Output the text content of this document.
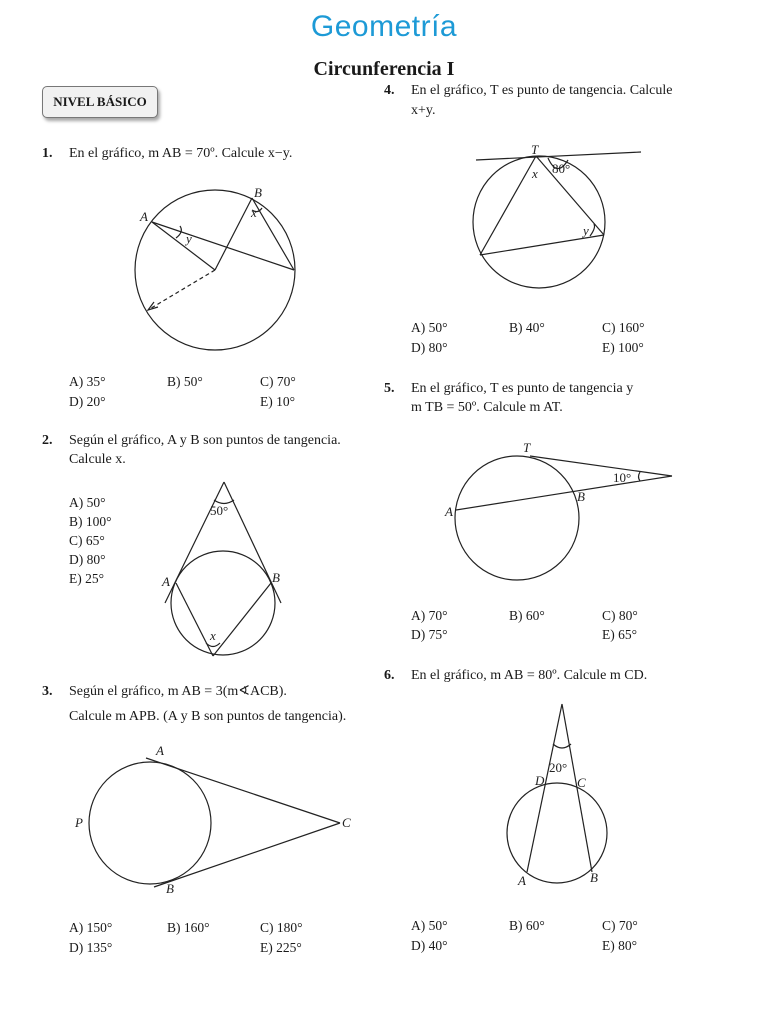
Geometría
Circunferencia I
NIVEL BÁSICO
1. En el gráfico, m AB = 70º. Calcule x−y.
A) 35°	B) 50°	C) 70°
D) 20°	E) 10°
2. Según el gráfico, A y B son puntos de tangencia.
Calcule x.
A) 50°
B) 100°
C) 65°
D) 80°
E) 25°
3. Según el gráfico, m AB = 3(m∢ACB).
Calcule m APB. (A y B son puntos de tangencia).
A) 150°	B) 160°	C) 180°
D) 135°	E) 225°
4. En el gráfico, T es punto de tangencia. Calcule
x+y.
A) 50°	B) 40°	C) 160°
D) 80°	E) 100°
5. En el gráfico, T es punto de tangencia y
m TB = 50º. Calcule m AT.
A) 70°	B) 60°	C) 80°
D) 75°	E) 65°
6. En el gráfico, m AB = 80º. Calcule m CD.
A) 50°	B) 60°	C) 70°
D) 40°	E) 80°
A
B
x
y
50°
A	B
x
A
P	C
B
T
80°
x
y
T
10°
B
A
20°
D	C
A	B
